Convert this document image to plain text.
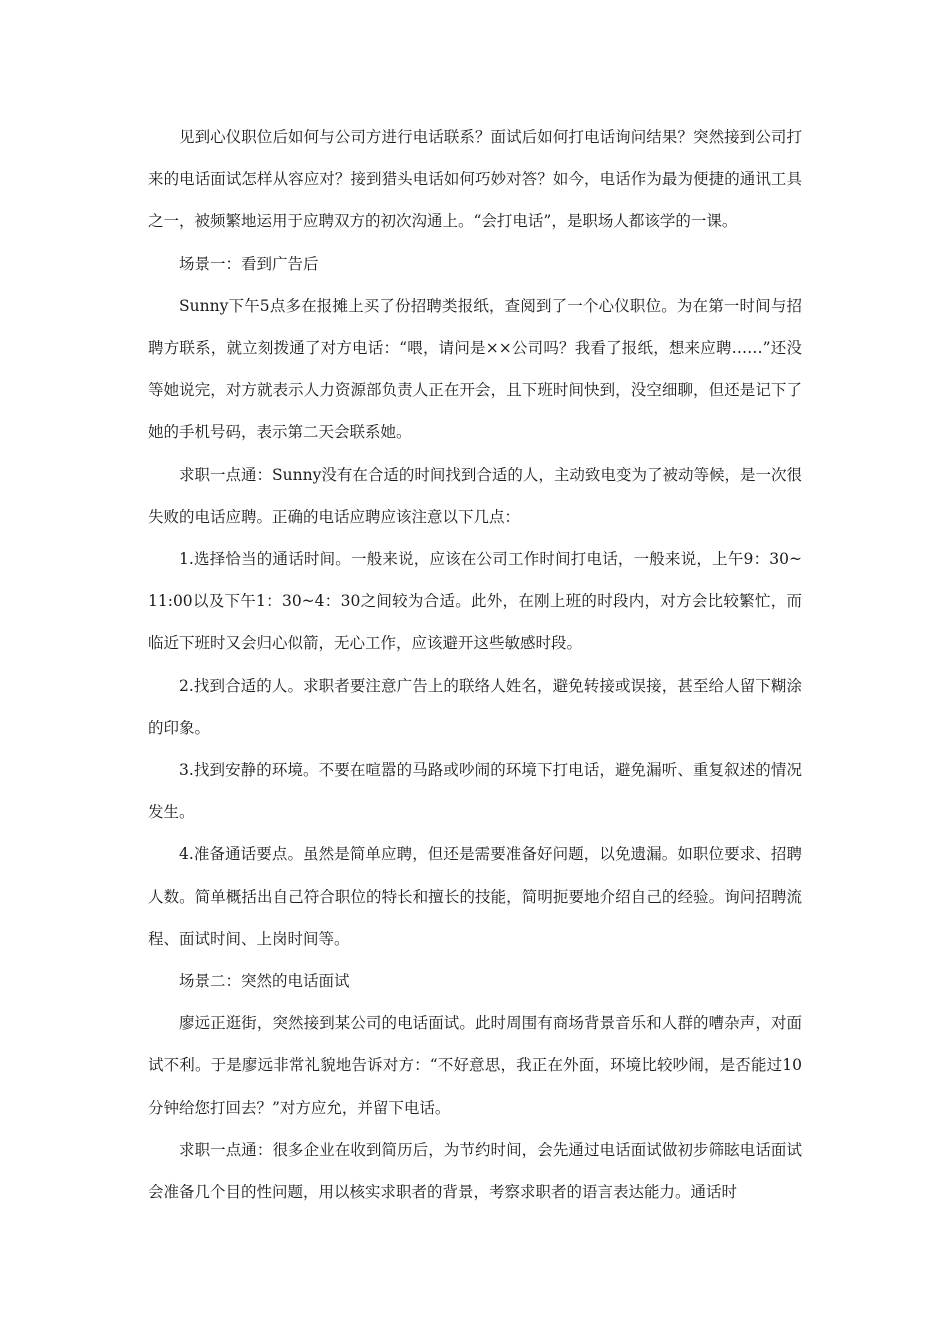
见到心仪职位后如何与公司方进行电话联系？面试后如何打电话询问结果？突然接到公司打来的电话面试怎样从容应对？接到猎头电话如何巧妙对答？如今，电话作为最为便捷的通讯工具之一，被频繁地运用于应聘双方的初次沟通上。“会打电话”，是职场人都该学的一课。

场景一：看到广告后

Sunny下午5点多在报摊上买了份招聘类报纸，查阅到了一个心仪职位。为在第一时间与招聘方联系，就立刻拨通了对方电话：“喂，请问是××公司吗？我看了报纸，想来应聘……”还没等她说完，对方就表示人力资源部负责人正在开会，且下班时间快到，没空细聊，但还是记下了她的手机号码，表示第二天会联系她。

求职一点通：Sunny没有在合适的时间找到合适的人，主动致电变为了被动等候，是一次很失败的电话应聘。正确的电话应聘应该注意以下几点：

1.选择恰当的通话时间。一般来说，应该在公司工作时间打电话，一般来说，上午9：30~11:00以及下午1：30~4：30之间较为合适。此外，在刚上班的时段内，对方会比较繁忙，而临近下班时又会归心似箭，无心工作，应该避开这些敏感时段。

2.找到合适的人。求职者要注意广告上的联络人姓名，避免转接或误接，甚至给人留下糊涂的印象。

3.找到安静的环境。不要在喧嚣的马路或吵闹的环境下打电话，避免漏听、重复叙述的情况发生。

4.准备通话要点。虽然是简单应聘，但还是需要准备好问题，以免遗漏。如职位要求、招聘人数。简单概括出自己符合职位的特长和擅长的技能，简明扼要地介绍自己的经验。询问招聘流程、面试时间、上岗时间等。

场景二：突然的电话面试

廖远正逛街，突然接到某公司的电话面试。此时周围有商场背景音乐和人群的嘈杂声，对面试不利。于是廖远非常礼貌地告诉对方：“不好意思，我正在外面，环境比较吵闹，是否能过10分钟给您打回去？”对方应允，并留下电话。

求职一点通：很多企业在收到简历后，为节约时间，会先通过电话面试做初步筛眩电话面试会准备几个目的性问题，用以核实求职者的背景，考察求职者的语言表达能力。通话时
